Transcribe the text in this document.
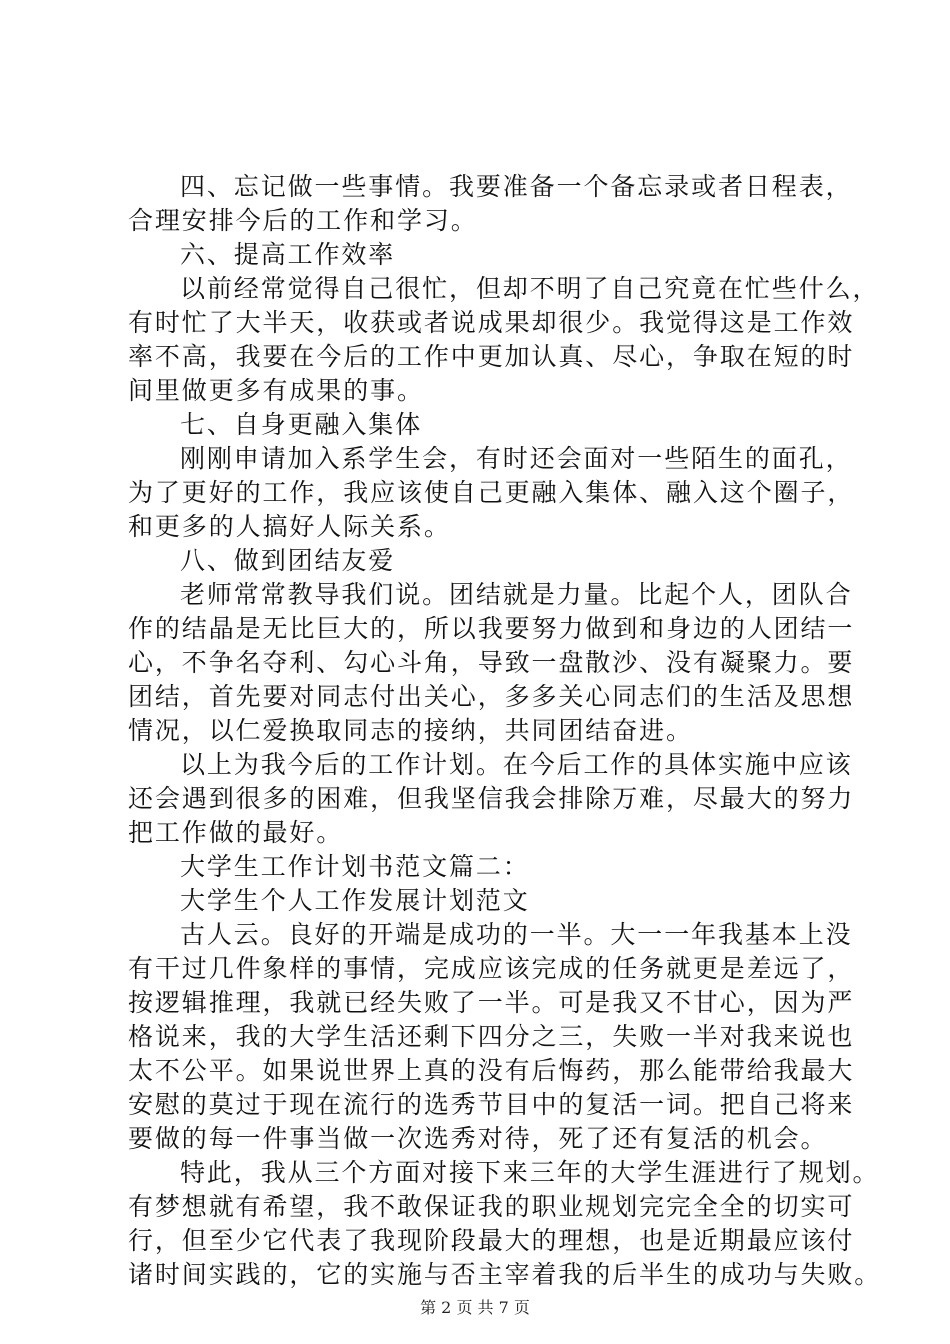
四、忘记做一些事情。我要准备一个备忘录或者日程表，
合理安排今后的工作和学习。
六、提高工作效率
以前经常觉得自己很忙，但却不明了自己究竟在忙些什么，
有时忙了大半天，收获或者说成果却很少。我觉得这是工作效
率不高，我要在今后的工作中更加认真、尽心，争取在短的时
间里做更多有成果的事。
七、自身更融入集体
刚刚申请加入系学生会，有时还会面对一些陌生的面孔，
为了更好的工作，我应该使自己更融入集体、融入这个圈子，
和更多的人搞好人际关系。
八、做到团结友爱
老师常常教导我们说。团结就是力量。比起个人，团队合
作的结晶是无比巨大的，所以我要努力做到和身边的人团结一
心，不争名夺利、勾心斗角，导致一盘散沙、没有凝聚力。要
团结，首先要对同志付出关心，多多关心同志们的生活及思想
情况，以仁爱换取同志的接纳，共同团结奋进。
以上为我今后的工作计划。在今后工作的具体实施中应该
还会遇到很多的困难，但我坚信我会排除万难，尽最大的努力
把工作做的最好。
大学生工作计划书范文篇二：
大学生个人工作发展计划范文
古人云。良好的开端是成功的一半。大一一年我基本上没
有干过几件象样的事情，完成应该完成的任务就更是差远了，
按逻辑推理，我就已经失败了一半。可是我又不甘心，因为严
格说来，我的大学生活还剩下四分之三，失败一半对我来说也
太不公平。如果说世界上真的没有后悔药，那么能带给我最大
安慰的莫过于现在流行的选秀节目中的复活一词。把自己将来
要做的每一件事当做一次选秀对待，死了还有复活的机会。
特此，我从三个方面对接下来三年的大学生涯进行了规划。
有梦想就有希望，我不敢保证我的职业规划完完全全的切实可
行，但至少它代表了我现阶段最大的理想，也是近期最应该付
诸时间实践的，它的实施与否主宰着我的后半生的成功与失败。
第 2 页 共 7 页
